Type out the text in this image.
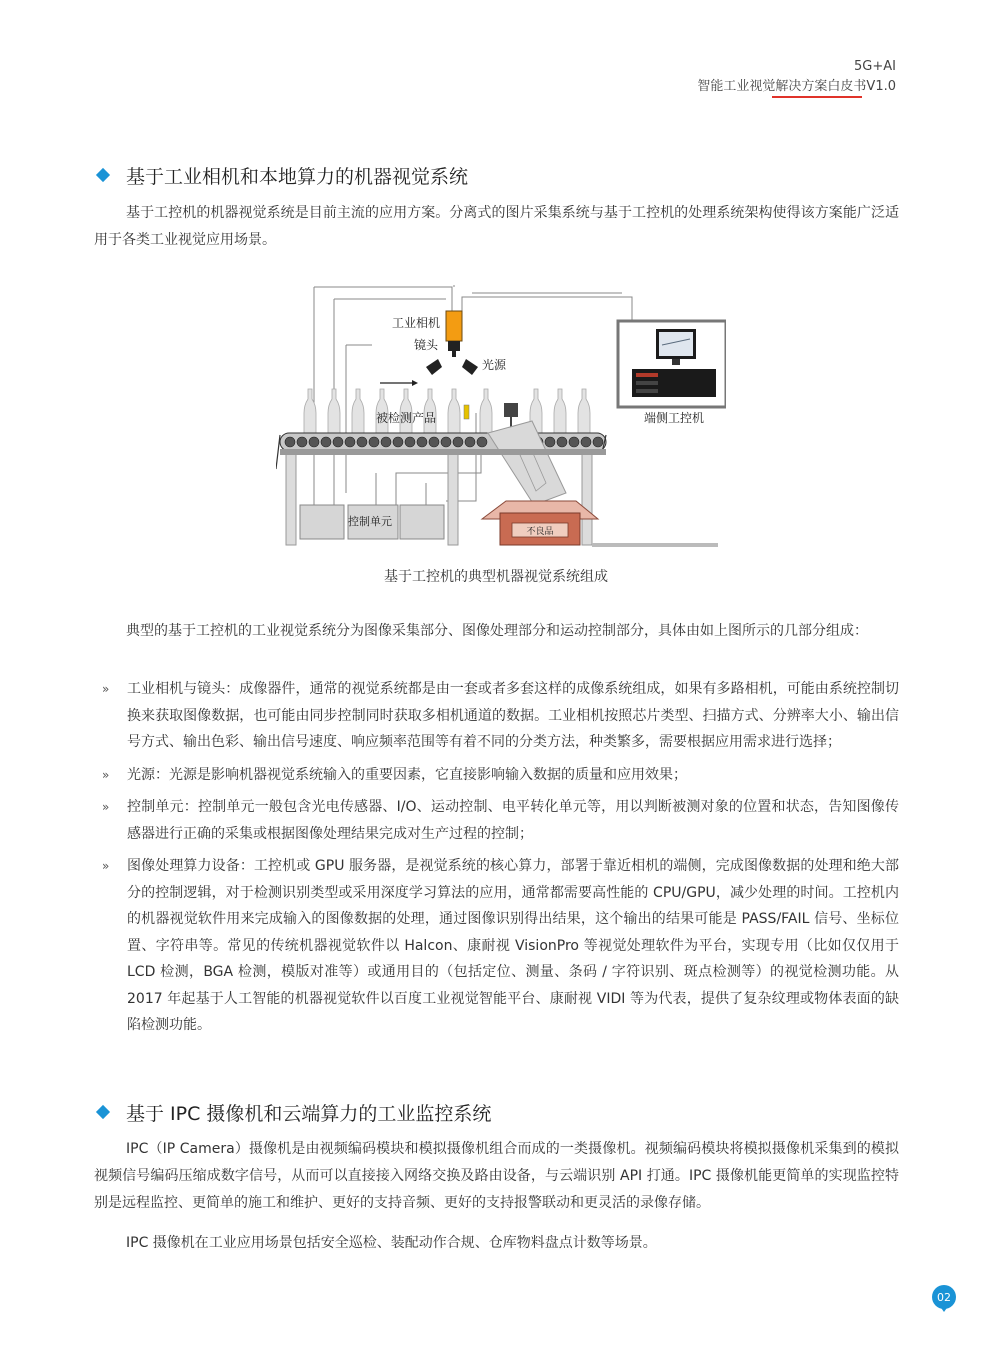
5G+AI
智能工业视觉解决方案白皮书V1.0
基于工业相机和本地算力的机器视觉系统
基于工控机的机器视觉系统是目前主流的应用方案。分离式的图片采集系统与基于工控机的处理系统架构使得该方案能广泛适用于各类工业视觉应用场景。
工业相机
镜头
光源
被检测产品
控制单元
不良品
端侧工控机
基于工控机的典型机器视觉系统组成
典型的基于工控机的工业视觉系统分为图像采集部分、图像处理部分和运动控制部分，具体由如上图所示的几部分组成：
»	工业相机与镜头：成像器件，通常的视觉系统都是由一套或者多套这样的成像系统组成，如果有多路相机，可能由系统控制切换来获取图像数据，也可能由同步控制同时获取多相机通道的数据。工业相机按照芯片类型、扫描方式、分辨率大小、输出信号方式、输出色彩、输出信号速度、响应频率范围等有着不同的分类方法，种类繁多，需要根据应用需求进行选择；
»	光源：光源是影响机器视觉系统输入的重要因素，它直接影响输入数据的质量和应用效果；
»	控制单元：控制单元一般包含光电传感器、I/O、运动控制、电平转化单元等，用以判断被测对象的位置和状态，告知图像传感器进行正确的采集或根据图像处理结果完成对生产过程的控制；
»	图像处理算力设备：工控机或 GPU 服务器，是视觉系统的核心算力，部署于靠近相机的端侧，完成图像数据的处理和绝大部分的控制逻辑，对于检测识别类型或采用深度学习算法的应用，通常都需要高性能的 CPU/GPU，减少处理的时间。工控机内的机器视觉软件用来完成输入的图像数据的处理，通过图像识别得出结果，这个输出的结果可能是 PASS/FAIL 信号、坐标位置、字符串等。常见的传统机器视觉软件以 Halcon、康耐视 VisionPro 等视觉处理软件为平台，实现专用（比如仅仅用于 LCD 检测，BGA 检测，模版对准等）或通用目的（包括定位、测量、条码 / 字符识别、斑点检测等）的视觉检测功能。从 2017 年起基于人工智能的机器视觉软件以百度工业视觉智能平台、康耐视 VIDI 等为代表，提供了复杂纹理或物体表面的缺陷检测功能。
基于 IPC 摄像机和云端算力的工业监控系统
IPC（IP Camera）摄像机是由视频编码模块和模拟摄像机组合而成的一类摄像机。视频编码模块将模拟摄像机采集到的模拟视频信号编码压缩成数字信号，从而可以直接接入网络交换及路由设备，与云端识别 API 打通。IPC 摄像机能更简单的实现监控特别是远程监控、更简单的施工和维护、更好的支持音频、更好的支持报警联动和更灵活的录像存储。
IPC 摄像机在工业应用场景包括安全巡检、装配动作合规、仓库物料盘点计数等场景。
02
